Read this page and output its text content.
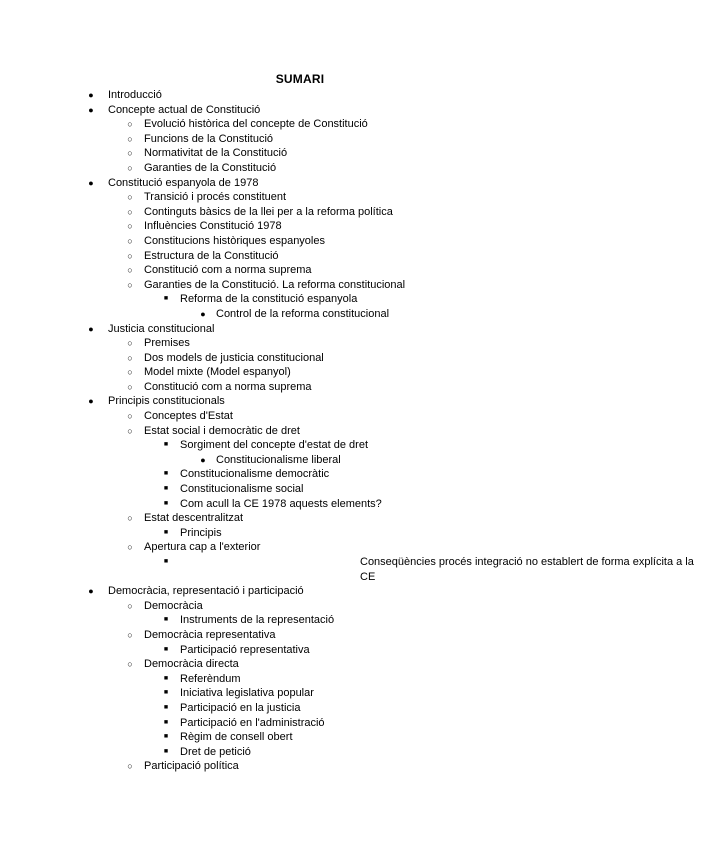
SUMARI
● Introducció
● Concepte actual de Constitució
○ Evolució històrica del concepte de Constitució
○ Funcions de la Constitució
○ Normativitat de la Constitució
○ Garanties de la Constitució
● Constitució espanyola de 1978
○ Transició i procés constituent
○ Continguts bàsics de la llei per a la reforma política
○ Influències Constitució 1978
○ Constitucions històriques espanyoles
○ Estructura de la Constitució
○ Constitució com a norma suprema
○ Garanties de la Constitució. La reforma constitucional
■ Reforma de la constitució espanyola
● Control de la reforma constitucional
● Justicia constitucional
○ Premises
○ Dos models de justicia constitucional
○ Model mixte (Model espanyol)
○ Constitució com a norma suprema
● Principis constitucionals
○ Conceptes d'Estat
○ Estat social i democràtic de dret
■ Sorgiment del concepte d'estat de dret
● Constitucionalisme liberal
■ Constitucionalisme democràtic
■ Constitucionalisme social
■ Com acull la CE 1978 aquests elements?
○ Estat descentralitzat
■ Principis
○ Apertura cap a l'exterior
■	Conseqüències procés integració no establert de forma explícita a la CE
● Democràcia, representació i participació
○ Democràcia
■ Instruments de la representació
○ Democràcia representativa
■ Participació representativa
○ Democràcia directa
■ Referèndum
■ Iniciativa legislativa popular
■ Participació en la justicia
■ Participació en l'administració
■ Règim de consell obert
■ Dret de petició
○ Participació política
